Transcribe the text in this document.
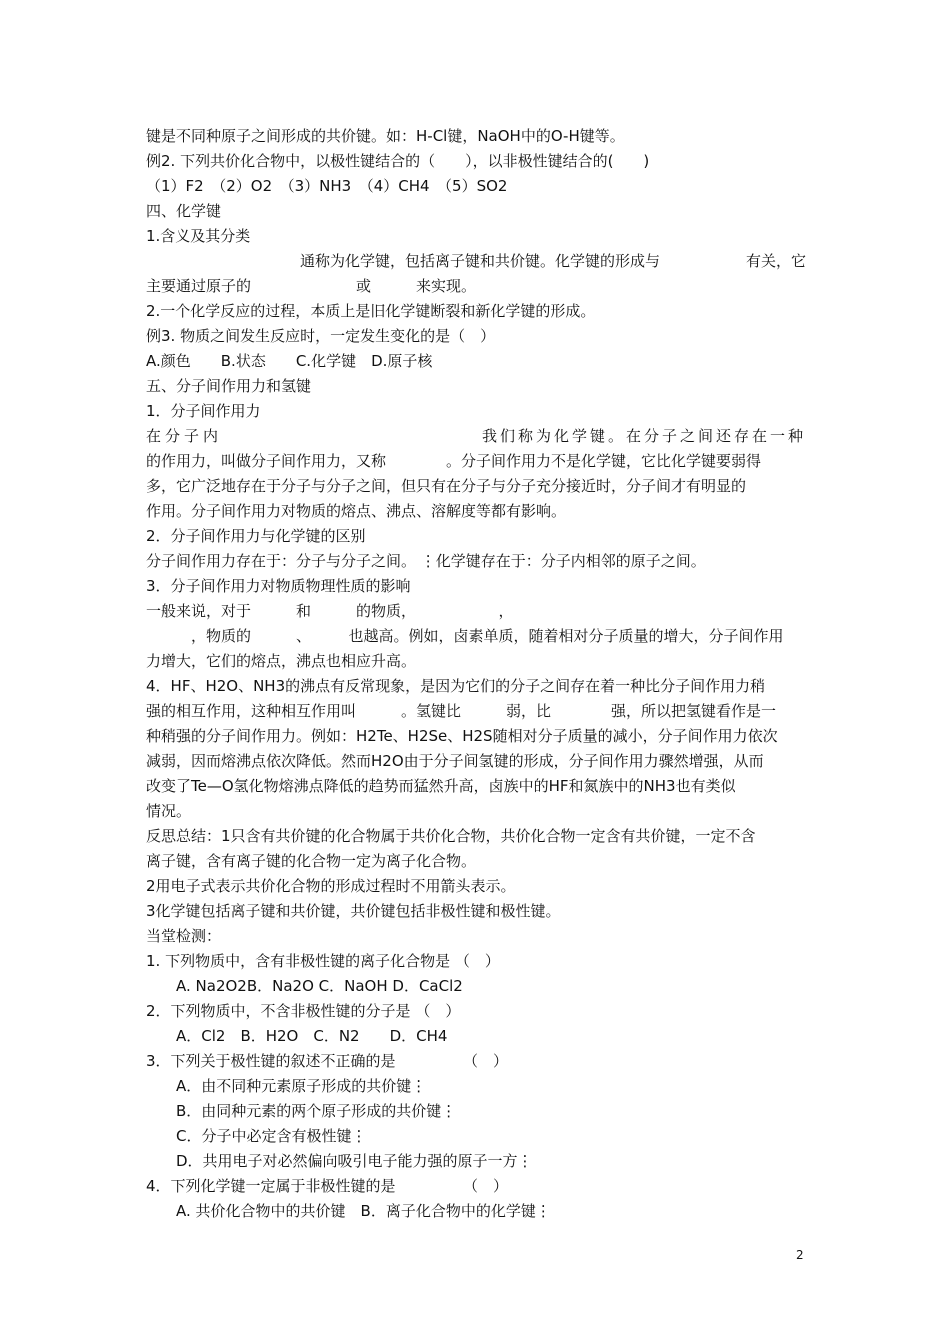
键是不同种原子之间形成的共价键。如：H-Cl键，NaOH中的O-H键等。
例2. 下列共价化合物中，以极性键结合的（　　），以非极性键结合的(　　)
（1）F2　（2）O2　（3）NH3　（4）CH4　（5）SO2
四、化学键
1.含义及其分类
通称为化学键，包括离子键和共价键。化学键的形成与	有关，它
主要通过原子的　　　　　　　或　　　来实现。
2.一个化学反应的过程，本质上是旧化学键断裂和新化学键的形成。
例3. 物质之间发生反应时，一定发生变化的是（　）
A.颜色　　B.状态　　C.化学键　D.原子核
五、分子间作用力和氢键
1．分子间作用力
在分子内	我们称为化学键。在分子之间还存在一种
的作用力，叫做分子间作用力，又称　　　　。分子间作用力不是化学键，它比化学键要弱得
多，它广泛地存在于分子与分子之间，但只有在分子与分子充分接近时，分子间才有明显的
作用。分子间作用力对物质的熔点、沸点、溶解度等都有影响。
2．分子间作用力与化学键的区别
分子间作用力存在于：分子与分子之间。 ⋮化学键存在于：分子内相邻的原子之间。
3．分子间作用力对物质物理性质的影响
一般来说，对于　　　和　　　的物质，　　　　　　，
　　　，物质的　　　、　　　也越高。例如，卤素单质，随着相对分子质量的增大，分子间作用
力增大，它们的熔点，沸点也相应升高。
4．HF、H2O、NH3的沸点有反常现象，是因为它们的分子之间存在着一种比分子间作用力稍
强的相互作用，这种相互作用叫　　　。氢键比　　　弱，比　　　　强，所以把氢键看作是一
种稍强的分子间作用力。例如：H2Te、H2Se、H2S随相对分子质量的减小，分子间作用力依次
减弱，因而熔沸点依次降低。然而H2O由于分子间氢键的形成，分子间作用力骤然增强，从而
改变了Te—O氢化物熔沸点降低的趋势而猛然升高，卤族中的HF和氮族中的NH3也有类似
情况。
反思总结：1只含有共价键的化合物属于共价化合物，共价化合物一定含有共价键，一定不含
离子键，含有离子键的化合物一定为离子化合物。
2用电子式表示共价化合物的形成过程时不用箭头表示。
3化学键包括离子键和共价键，共价键包括非极性键和极性键。
当堂检测：
1. 下列物质中，含有非极性键的离子化合物是 （　）
A. Na2O2B．Na2O C．NaOH D．CaCl2
2．下列物质中，不含非极性键的分子是 （　）
A．Cl2　B．H2O　C．N2　　D．CH4
3．下列关于极性键的叙述不正确的是　　　　　（　）
A．由不同种元素原子形成的共价键⋮
B．由同种元素的两个原子形成的共价键⋮
C．分子中必定含有极性键⋮
D．共用电子对必然偏向吸引电子能力强的原子一方⋮
4．下列化学键一定属于非极性键的是　　　　　（　）
A. 共价化合物中的共价键　B．离子化合物中的化学键⋮
2
